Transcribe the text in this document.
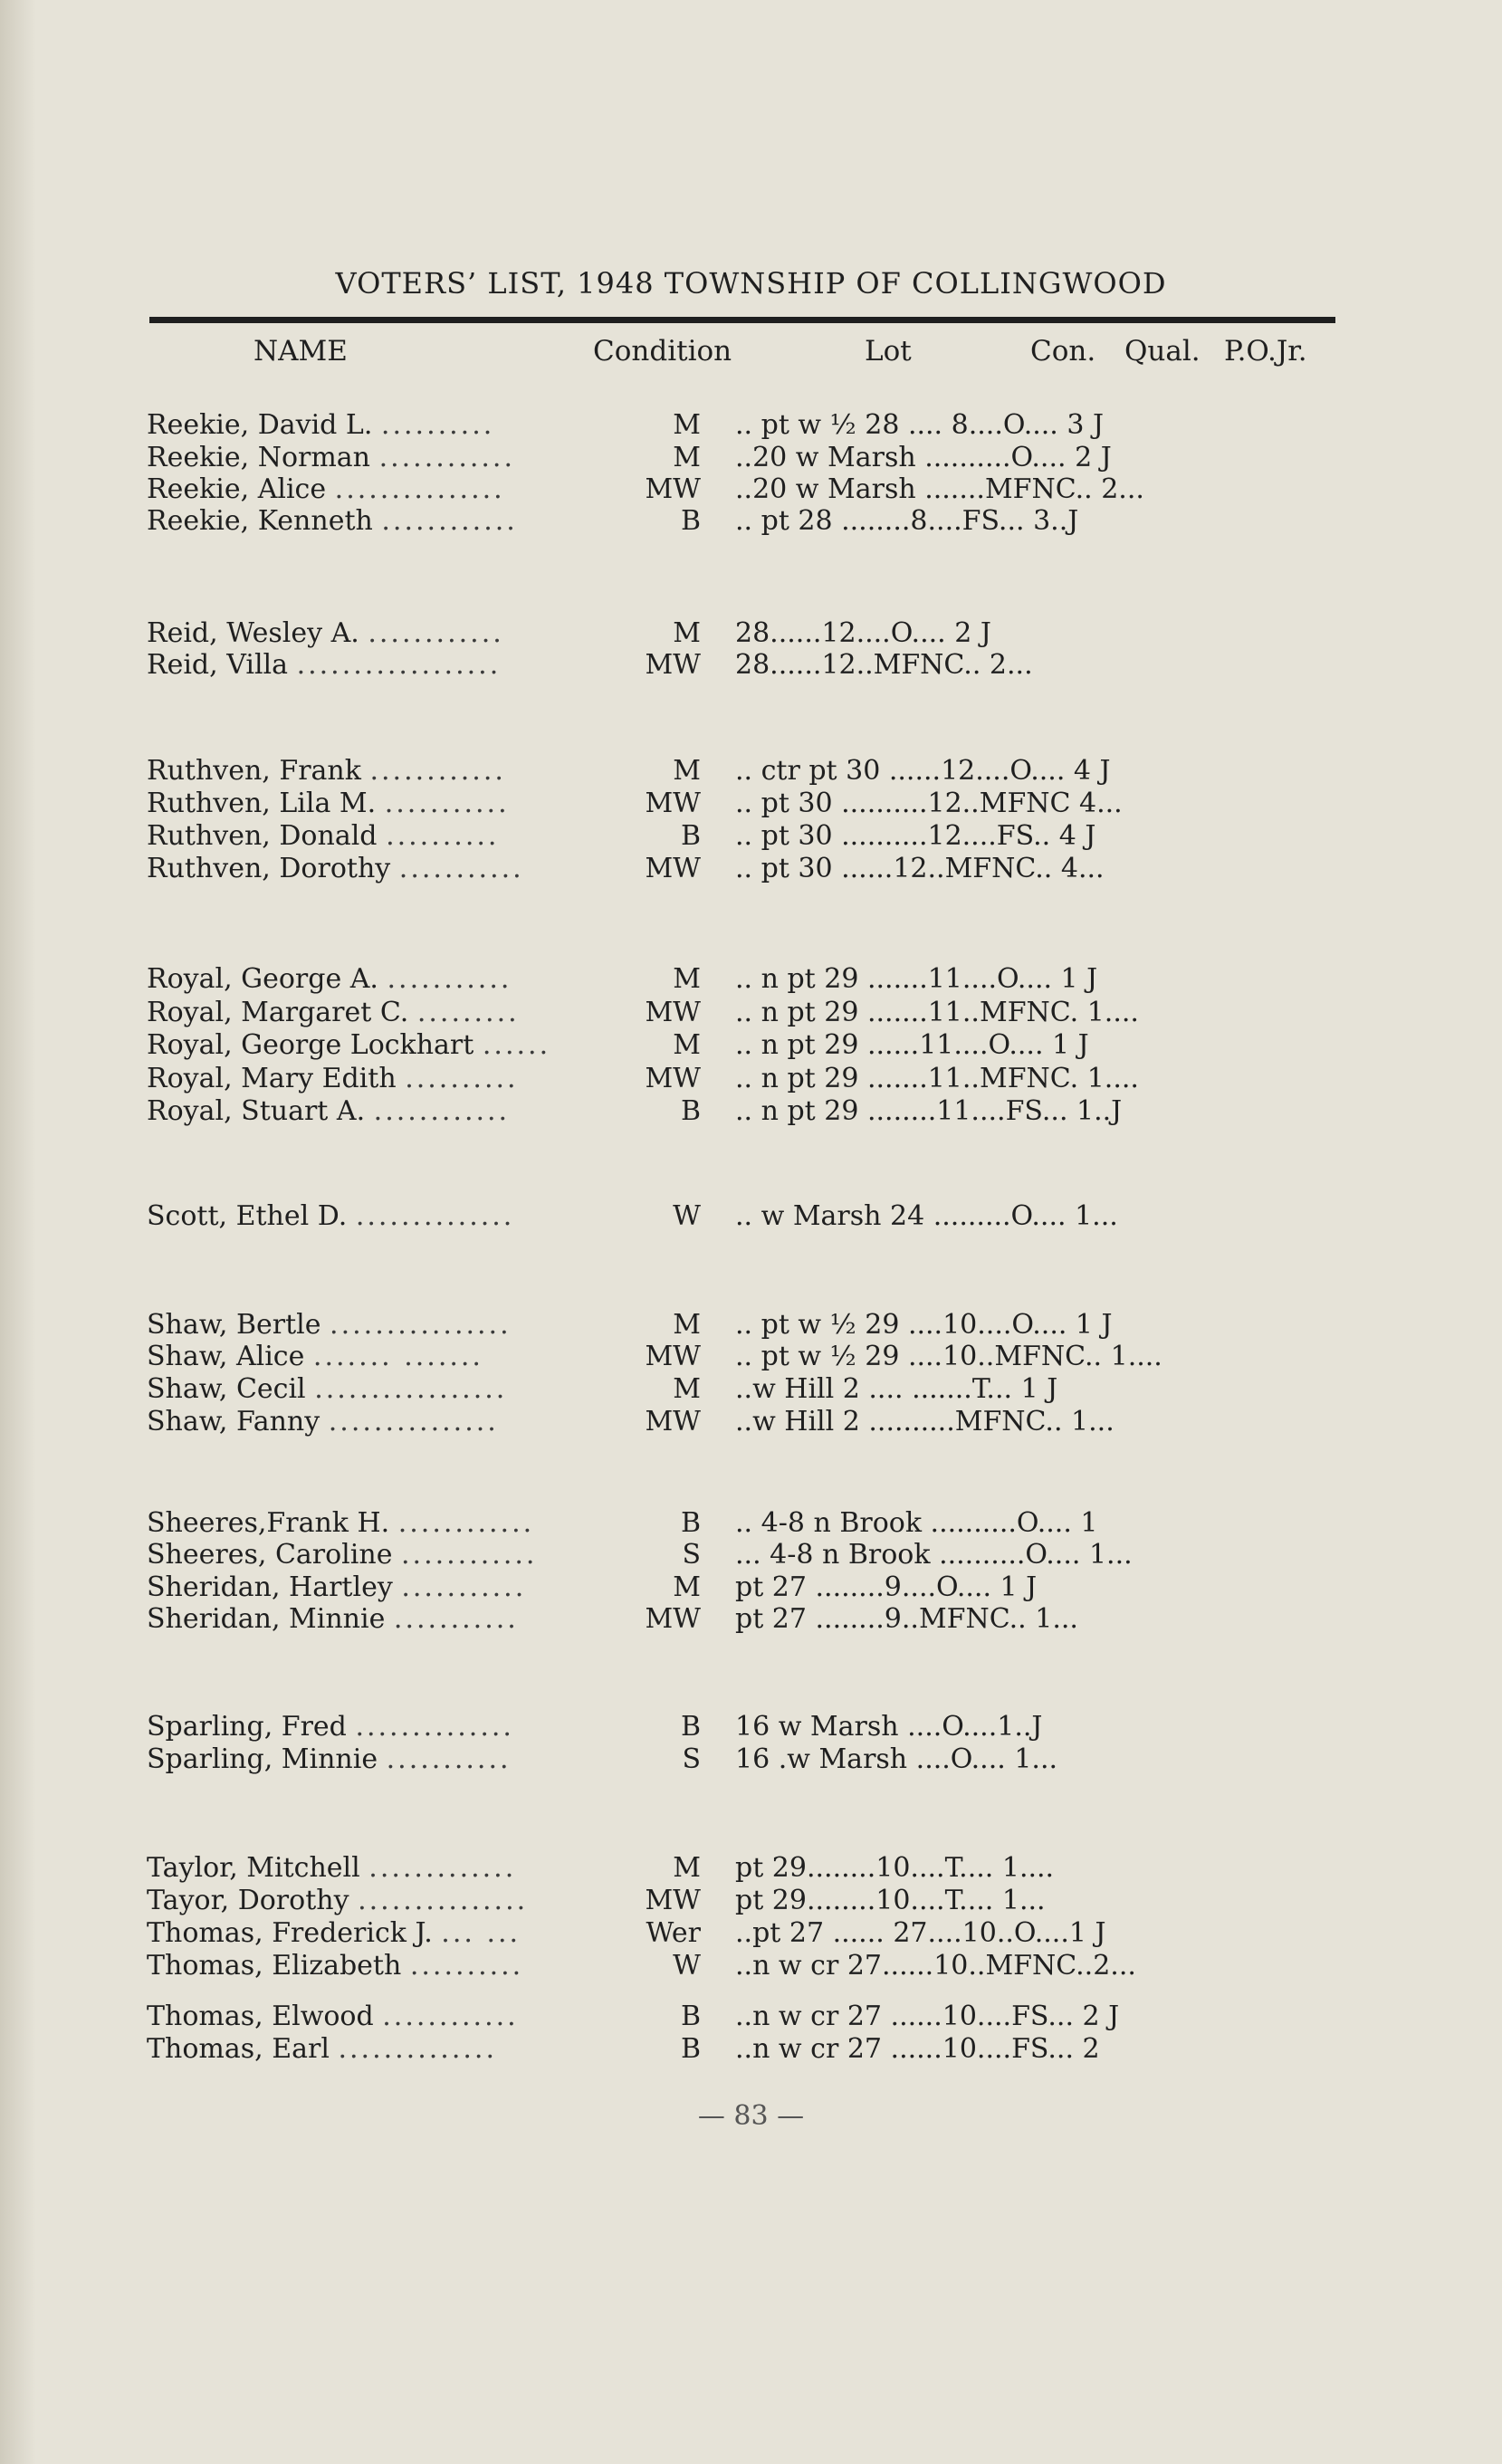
VOTERS’ LIST, 1948 TOWNSHIP OF COLLINGWOOD
NAME	Condition	Lot	Con. Qual. P.O.Jr.
Reekie, David L. ..........	M .. pt w ½ 28 .... 8....O.... 3 J
Reekie, Norman ............	M ..20 w Marsh ..........O.... 2 J
Reekie, Alice ...............	MW ..20 w Marsh .......MFNC.. 2...
Reekie, Kenneth ............	B .. pt 28 ........8....FS... 3..J
Reid, Wesley A. ............	M 28......12....O.... 2 J
Reid, Villa ..................	MW 28......12..MFNC.. 2...
Ruthven, Frank ............	M .. ctr pt 30 ......12....O.... 4 J
Ruthven, Lila M. ...........	MW .. pt 30 ..........12..MFNC 4...
Ruthven, Donald ..........	B .. pt 30 ..........12....FS.. 4 J
Ruthven, Dorothy ...........	MW .. pt 30 ......12..MFNC.. 4...
Royal, George A. ...........	M .. n pt 29 .......11....O.... 1 J
Royal, Margaret C. .........	MW .. n pt 29 .......11..MFNC. 1....
Royal, George Lockhart ......	M .. n pt 29 ......11....O.... 1 J
Royal, Mary Edith ..........	MW .. n pt 29 .......11..MFNC. 1....
Royal, Stuart A. ............	B .. n pt 29 ........11....FS... 1..J
Scott, Ethel D. ..............	W .. w Marsh 24 .........O.... 1...
Shaw, Bertle ................	M .. pt w ½ 29 ....10....O.... 1 J
Shaw, Alice ....... .......	MW .. pt w ½ 29 ....10..MFNC.. 1....
Shaw, Cecil .................	M ..w Hill 2 .... .......T... 1 J
Shaw, Fanny ...............	MW ..w Hill 2 ..........MFNC.. 1...
Sheeres,Frank H. ............	B .. 4-8 n Brook ..........O.... 1
Sheeres, Caroline ............	S ... 4-8 n Brook ..........O.... 1...
Sheridan, Hartley ...........	M pt 27 ........9....O.... 1 J
Sheridan, Minnie ...........	MW pt 27 ........9..MFNC.. 1...
Sparling, Fred ..............	B 16 w Marsh ....O....1..J
Sparling, Minnie ...........	S 16 .w Marsh ....O.... 1...
Taylor, Mitchell .............	M pt 29........10....T.... 1....
Tayor, Dorothy ...............	MW pt 29........10....T.... 1...
Thomas, Frederick J. ... ...	Wer ..pt 27 ...... 27....10..O....1 J
Thomas, Elizabeth ..........	W ..n w cr 27......10..MFNC..2...
Thomas, Elwood ............	B ..n w cr 27 ......10....FS... 2 J
Thomas, Earl ..............	B ..n w cr 27 ......10....FS... 2
— 83 —
